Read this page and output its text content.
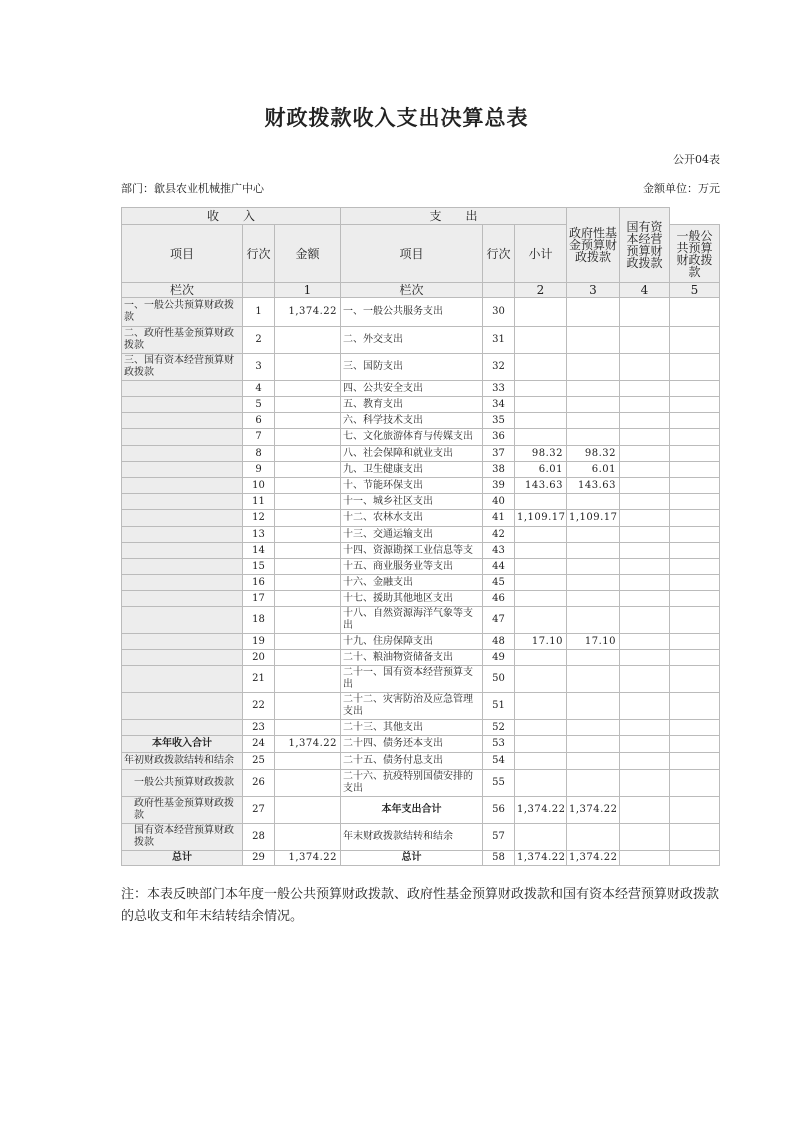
财政拨款收入支出决算总表
公开04表
部门：歙县农业机械推广中心	金额单位：万元
收　　入			支　　出			政府性基金预算财政拨款	国有资本经营预算财政拨款	
项目	行次	金额	项目	行次	小计			一般公共预算财政拨款
栏次		1	栏次		2	3	4	5
一、一般公共预算财政拨款	1	1,374.22	一、一般公共服务支出	30				
二、政府性基金预算财政拨款	2		二、外交支出	31				
三、国有资本经营预算财政拨款	3		三、国防支出	32				
	4		四、公共安全支出	33				
	5		五、教育支出	34				
	6		六、科学技术支出	35				
	7		七、文化旅游体育与传媒支出	36				
	8		八、社会保障和就业支出	37	98.32	98.32		
	9		九、卫生健康支出	38	6.01	6.01		
	10		十、节能环保支出	39	143.63	143.63		
	11		十一、城乡社区支出	40				
	12		十二、农林水支出	41	1,109.17	1,109.17		
	13		十三、交通运输支出	42				
	14		十四、资源勘探工业信息等支	43				
	15		十五、商业服务业等支出	44				
	16		十六、金融支出	45				
	17		十七、援助其他地区支出	46				
	18		十八、自然资源海洋气象等支出	47				
	19		十九、住房保障支出	48	17.10	17.10		
	20		二十、粮油物资储备支出	49				
	21		二十一、国有资本经营预算支出	50				
	22		二十二、灾害防治及应急管理支出	51				
	23		二十三、其他支出	52				
本年收入合计	24	1,374.22	二十四、债务还本支出	53				
年初财政拨款结转和结余	25		二十五、债务付息支出	54				
一般公共预算财政拨款	26		二十六、抗疫特别国债安排的支出	55				
政府性基金预算财政拨款	27		本年支出合计	56	1,374.22	1,374.22		
国有资本经营预算财政拨款	28		年末财政拨款结转和结余	57				
总计	29	1,374.22	总计	58	1,374.22	1,374.22		
注：本表反映部门本年度一般公共预算财政拨款、政府性基金预算财政拨款和国有资本经营预算财政拨款的总收支和年末结转结余情况。
